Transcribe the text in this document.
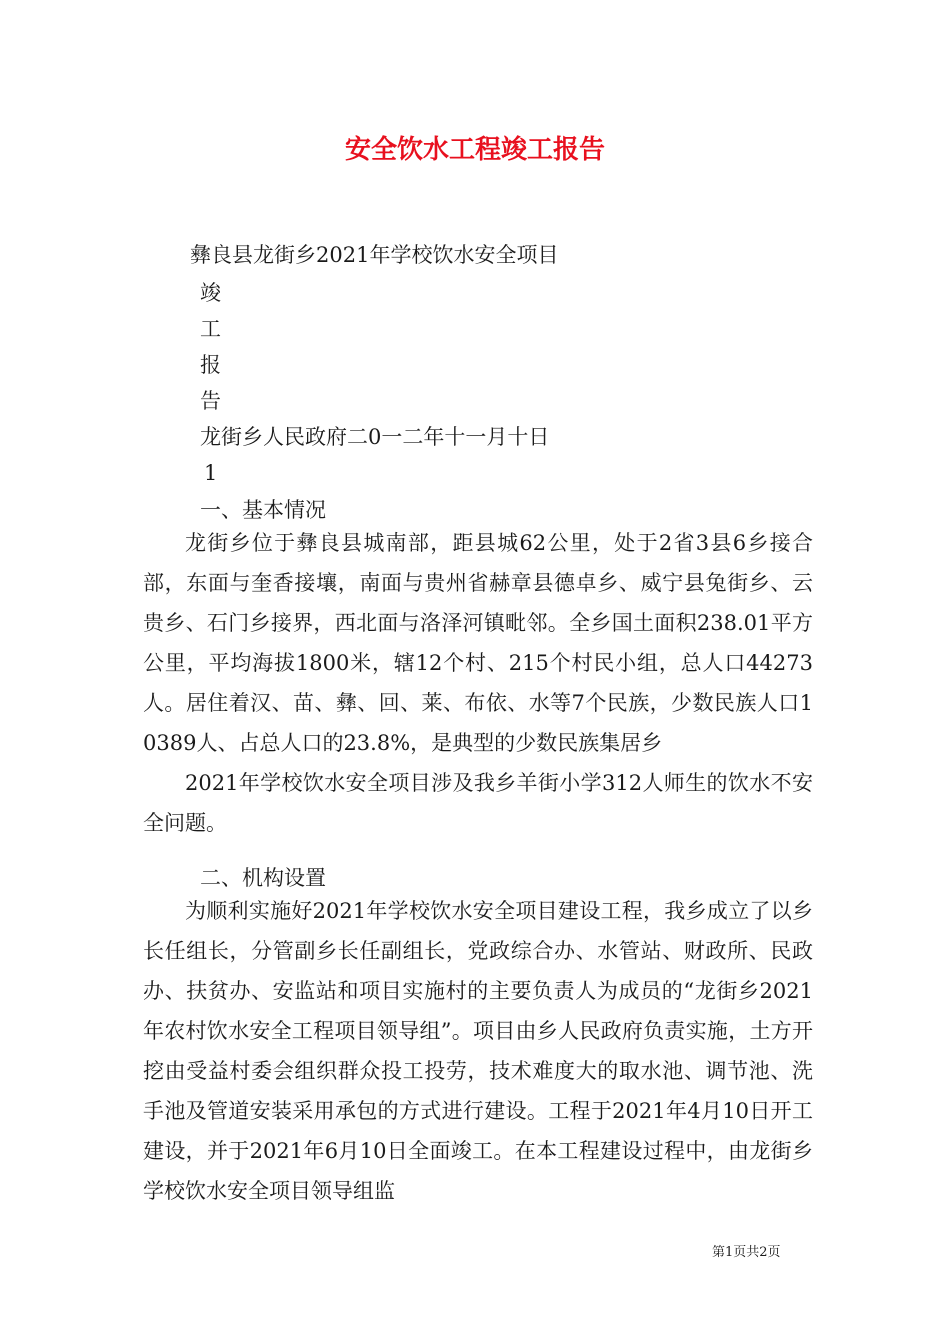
安全饮水工程竣工报告

彝良县龙街乡2021年学校饮水安全项目

竣

工

报

告

龙街乡人民政府二0一二年十一月十日

1

一、基本情况

龙街乡位于彝良县城南部，距县城62公里，处于2省3县6乡接合部，东面与奎香接壤，南面与贵州省赫章县德卓乡、威宁县兔街乡、云贵乡、石门乡接界，西北面与洛泽河镇毗邻。全乡国土面积238.01平方公里，平均海拔1800米，辖12个村、215个村民小组，总人口44273人。居住着汉、苗、彝、回、莱、布依、水等7个民族，少数民族人口10389人、占总人口的23.8%，是典型的少数民族集居乡

2021年学校饮水安全项目涉及我乡羊街小学312人师生的饮水不安全问题。

二、机构设置

为顺利实施好2021年学校饮水安全项目建设工程，我乡成立了以乡长任组长，分管副乡长任副组长，党政综合办、水管站、财政所、民政办、扶贫办、安监站和项目实施村的主要负责人为成员的“龙街乡2021年农村饮水安全工程项目领导组”。项目由乡人民政府负责实施，土方开挖由受益村委会组织群众投工投劳，技术难度大的取水池、调节池、洗手池及管道安装采用承包的方式进行建设。工程于2021年4月10日开工建设，并于2021年6月10日全面竣工。在本工程建设过程中，由龙街乡学校饮水安全项目领导组监

第1页共2页
